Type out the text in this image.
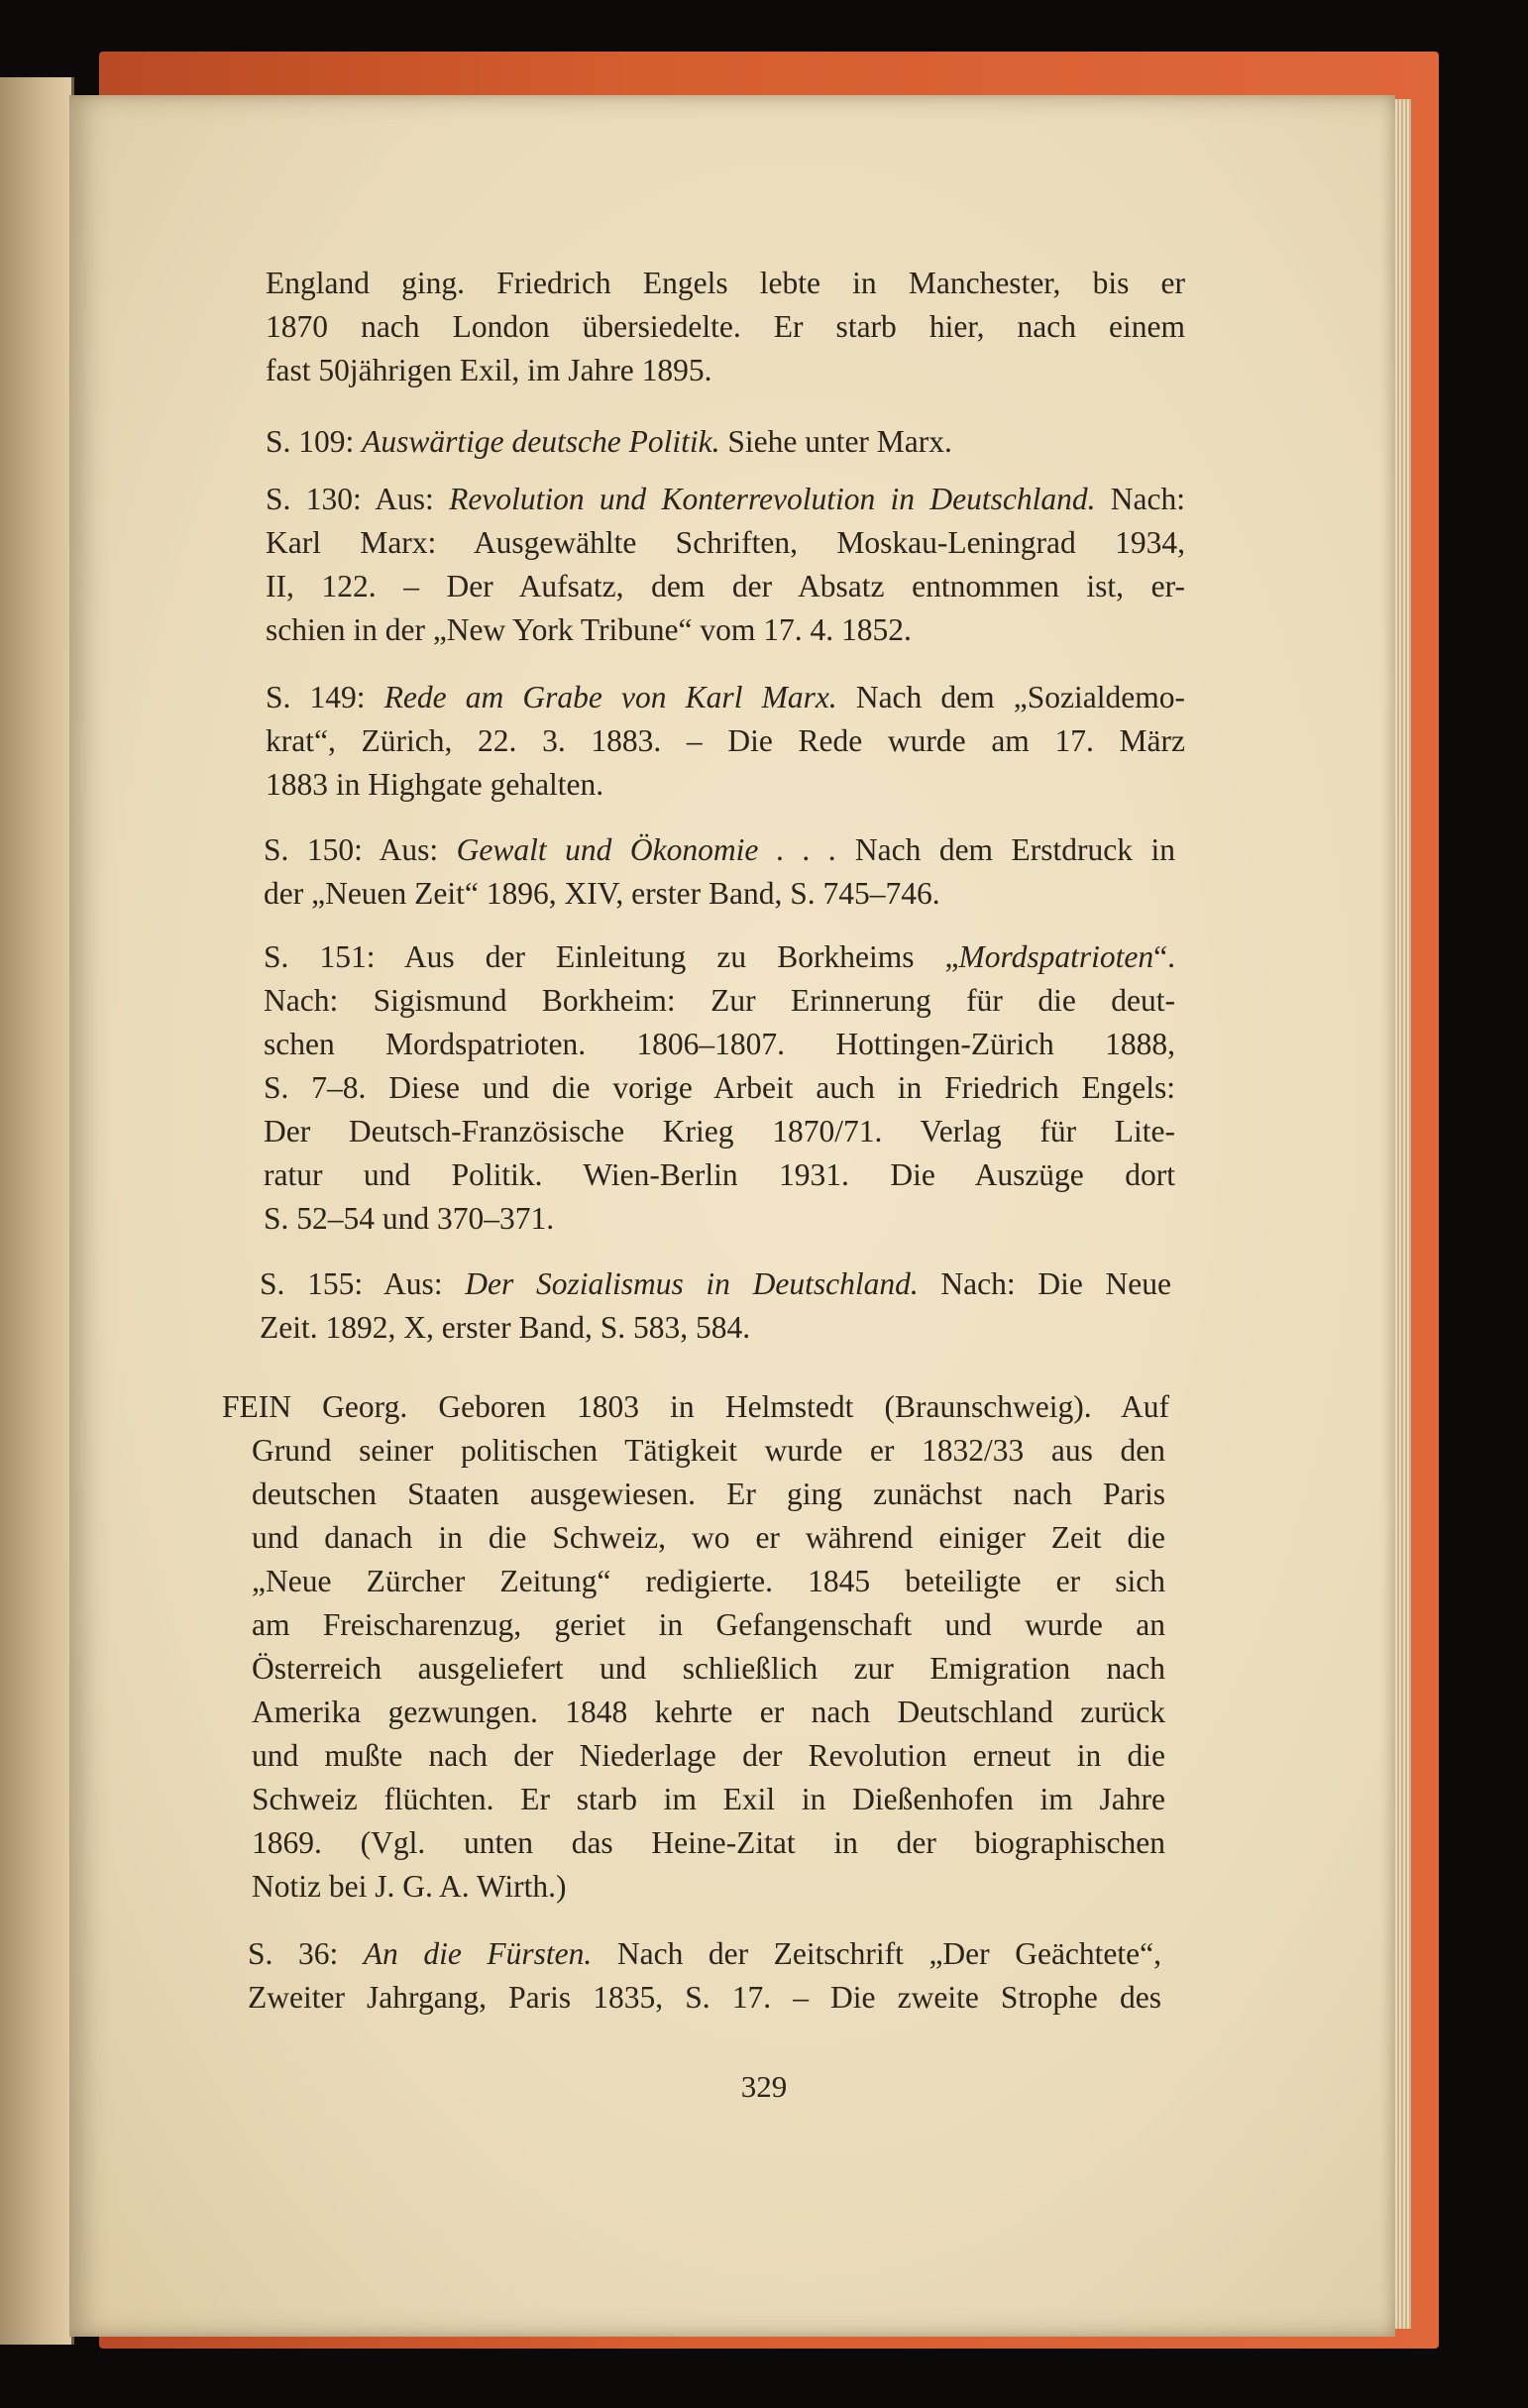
England ging. Friedrich Engels lebte in Manchester, bis er
1870 nach London übersiedelte. Er starb hier, nach einem
fast 50jährigen Exil, im Jahre 1895.
S. 109: Auswärtige deutsche Politik. Siehe unter Marx.
S. 130: Aus: Revolution und Konterrevolution in Deutschland. Nach:
Karl Marx: Ausgewählte Schriften, Moskau-Leningrad 1934,
II, 122. – Der Aufsatz, dem der Absatz entnommen ist, er-
schien in der „New York Tribune“ vom 17. 4. 1852.
S. 149: Rede am Grabe von Karl Marx. Nach dem „Sozialdemo-
krat“, Zürich, 22. 3. 1883. – Die Rede wurde am 17. März
1883 in Highgate gehalten.
S. 150: Aus: Gewalt und Ökonomie . . . Nach dem Erstdruck in
der „Neuen Zeit“ 1896, XIV, erster Band, S. 745–746.
S. 151: Aus der Einleitung zu Borkheims „Mordspatrioten“.
Nach: Sigismund Borkheim: Zur Erinnerung für die deut-
schen Mordspatrioten. 1806–1807. Hottingen-Zürich 1888,
S. 7–8. Diese und die vorige Arbeit auch in Friedrich Engels:
Der Deutsch-Französische Krieg 1870/71. Verlag für Lite-
ratur und Politik. Wien-Berlin 1931. Die Auszüge dort
S. 52–54 und 370–371.
S. 155: Aus: Der Sozialismus in Deutschland. Nach: Die Neue
Zeit. 1892, X, erster Band, S. 583, 584.
FEIN Georg. Geboren 1803 in Helmstedt (Braunschweig). Auf
Grund seiner politischen Tätigkeit wurde er 1832/33 aus den
deutschen Staaten ausgewiesen. Er ging zunächst nach Paris
und danach in die Schweiz, wo er während einiger Zeit die
„Neue Zürcher Zeitung“ redigierte. 1845 beteiligte er sich
am Freischarenzug, geriet in Gefangenschaft und wurde an
Österreich ausgeliefert und schließlich zur Emigration nach
Amerika gezwungen. 1848 kehrte er nach Deutschland zurück
und mußte nach der Niederlage der Revolution erneut in die
Schweiz flüchten. Er starb im Exil in Dießenhofen im Jahre
1869. (Vgl. unten das Heine-Zitat in der biographischen
Notiz bei J. G. A. Wirth.)
S. 36: An die Fürsten. Nach der Zeitschrift „Der Geächtete“,
Zweiter Jahrgang, Paris 1835, S. 17. – Die zweite Strophe des
329
